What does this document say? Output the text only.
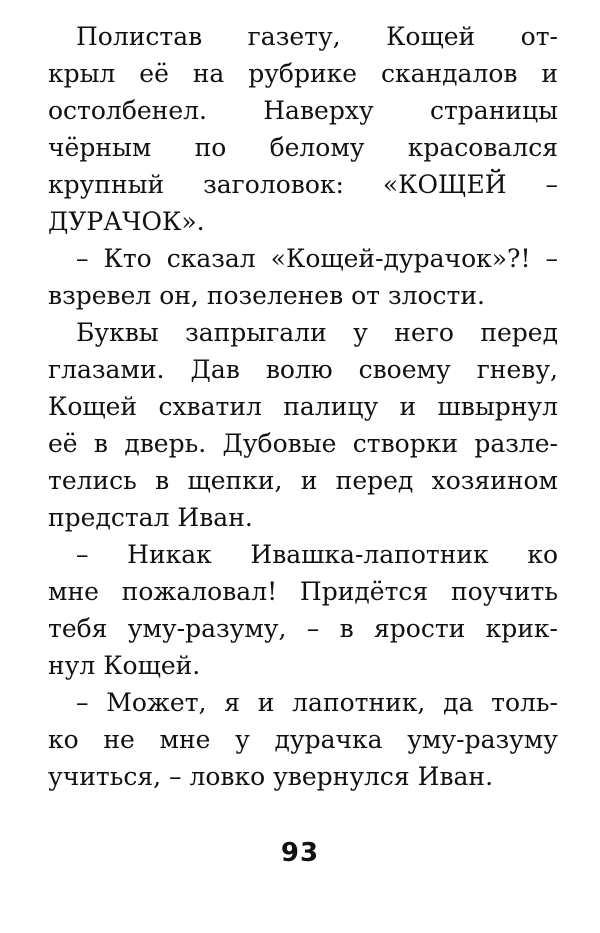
Полистав газету, Кощей от-
крыл её на рубрике скандалов и
остолбенел. Наверху страницы
чёрным по белому красовался
крупный заголовок: «КОЩЕЙ –
ДУРАЧОК».
– Кто сказал «Кощей-дурачок»?! –
взревел он, позеленев от злости.
Буквы запрыгали у него перед
глазами. Дав волю своему гневу,
Кощей схватил палицу и швырнул
её в дверь. Дубовые створки разле-
телись в щепки, и перед хозяином
предстал Иван.
– Никак Ивашка-лапотник ко
мне пожаловал! Придётся поучить
тебя уму-разуму, – в ярости крик-
нул Кощей.
– Может, я и лапотник, да толь-
ко не мне у дурачка уму-разуму
учиться, – ловко увернулся Иван.
93
